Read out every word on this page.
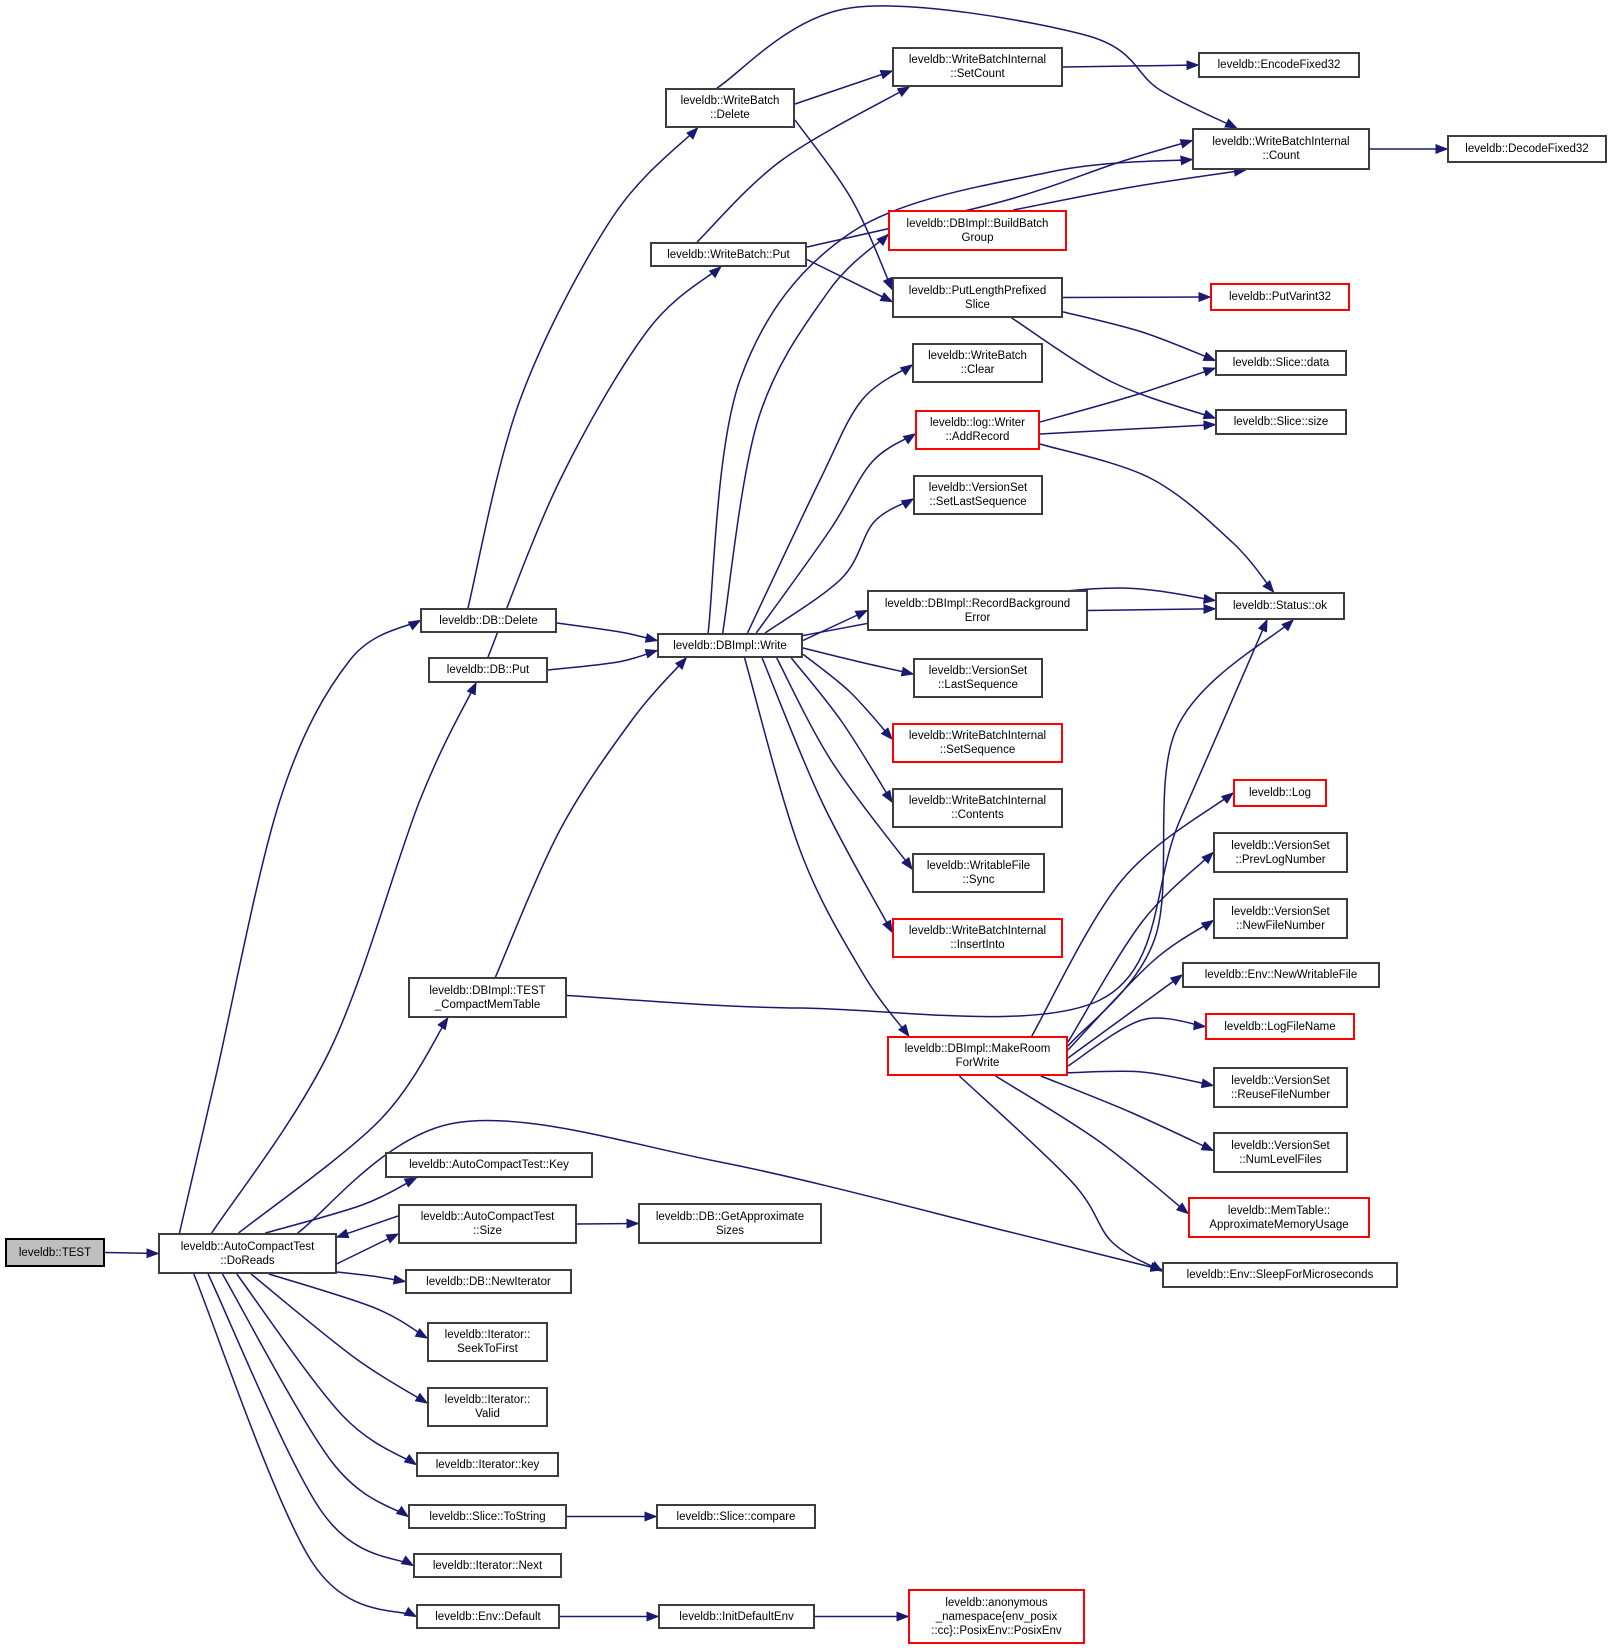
leveldb::TEST	leveldb::AutoCompactTest
::DoReads
leveldb::DB::Delete
leveldb::DB::Put
leveldb::DBImpl::TEST
_CompactMemTable
leveldb::AutoCompactTest::Key
leveldb::AutoCompactTest
::Size
leveldb::DB::NewIterator
leveldb::Iterator::
SeekToFirst
leveldb::Iterator::
Valid
leveldb::Iterator::key
leveldb::Slice::ToString
leveldb::Iterator::Next
leveldb::Env::Default
leveldb::WriteBatch
::Delete
leveldb::WriteBatch::Put
leveldb::DBImpl::Write
leveldb::DB::GetApproximate
Sizes
leveldb::Slice::compare
leveldb::InitDefaultEnv
leveldb::WriteBatchInternal
::SetCount
leveldb::DBImpl::BuildBatch
Group
leveldb::PutLengthPrefixed
Slice
leveldb::WriteBatch
::Clear
leveldb::log::Writer
::AddRecord
leveldb::VersionSet
::SetLastSequence
leveldb::DBImpl::RecordBackground
Error
leveldb::VersionSet
::LastSequence
leveldb::WriteBatchInternal
::SetSequence
leveldb::WriteBatchInternal
::Contents
leveldb::WritableFile
::Sync
leveldb::WriteBatchInternal
::InsertInto
leveldb::DBImpl::MakeRoom
ForWrite
leveldb::anonymous
_namespace{env_posix
::cc}::PosixEnv::PosixEnv
leveldb::EncodeFixed32
leveldb::WriteBatchInternal
::Count
leveldb::PutVarint32
leveldb::Slice::data
leveldb::Slice::size
leveldb::Status::ok
leveldb::Log
leveldb::VersionSet
::PrevLogNumber
leveldb::VersionSet
::NewFileNumber
leveldb::Env::NewWritableFile
leveldb::LogFileName
leveldb::VersionSet
::ReuseFileNumber
leveldb::VersionSet
::NumLevelFiles
leveldb::MemTable::
ApproximateMemoryUsage
leveldb::Env::SleepForMicroseconds
leveldb::DecodeFixed32
